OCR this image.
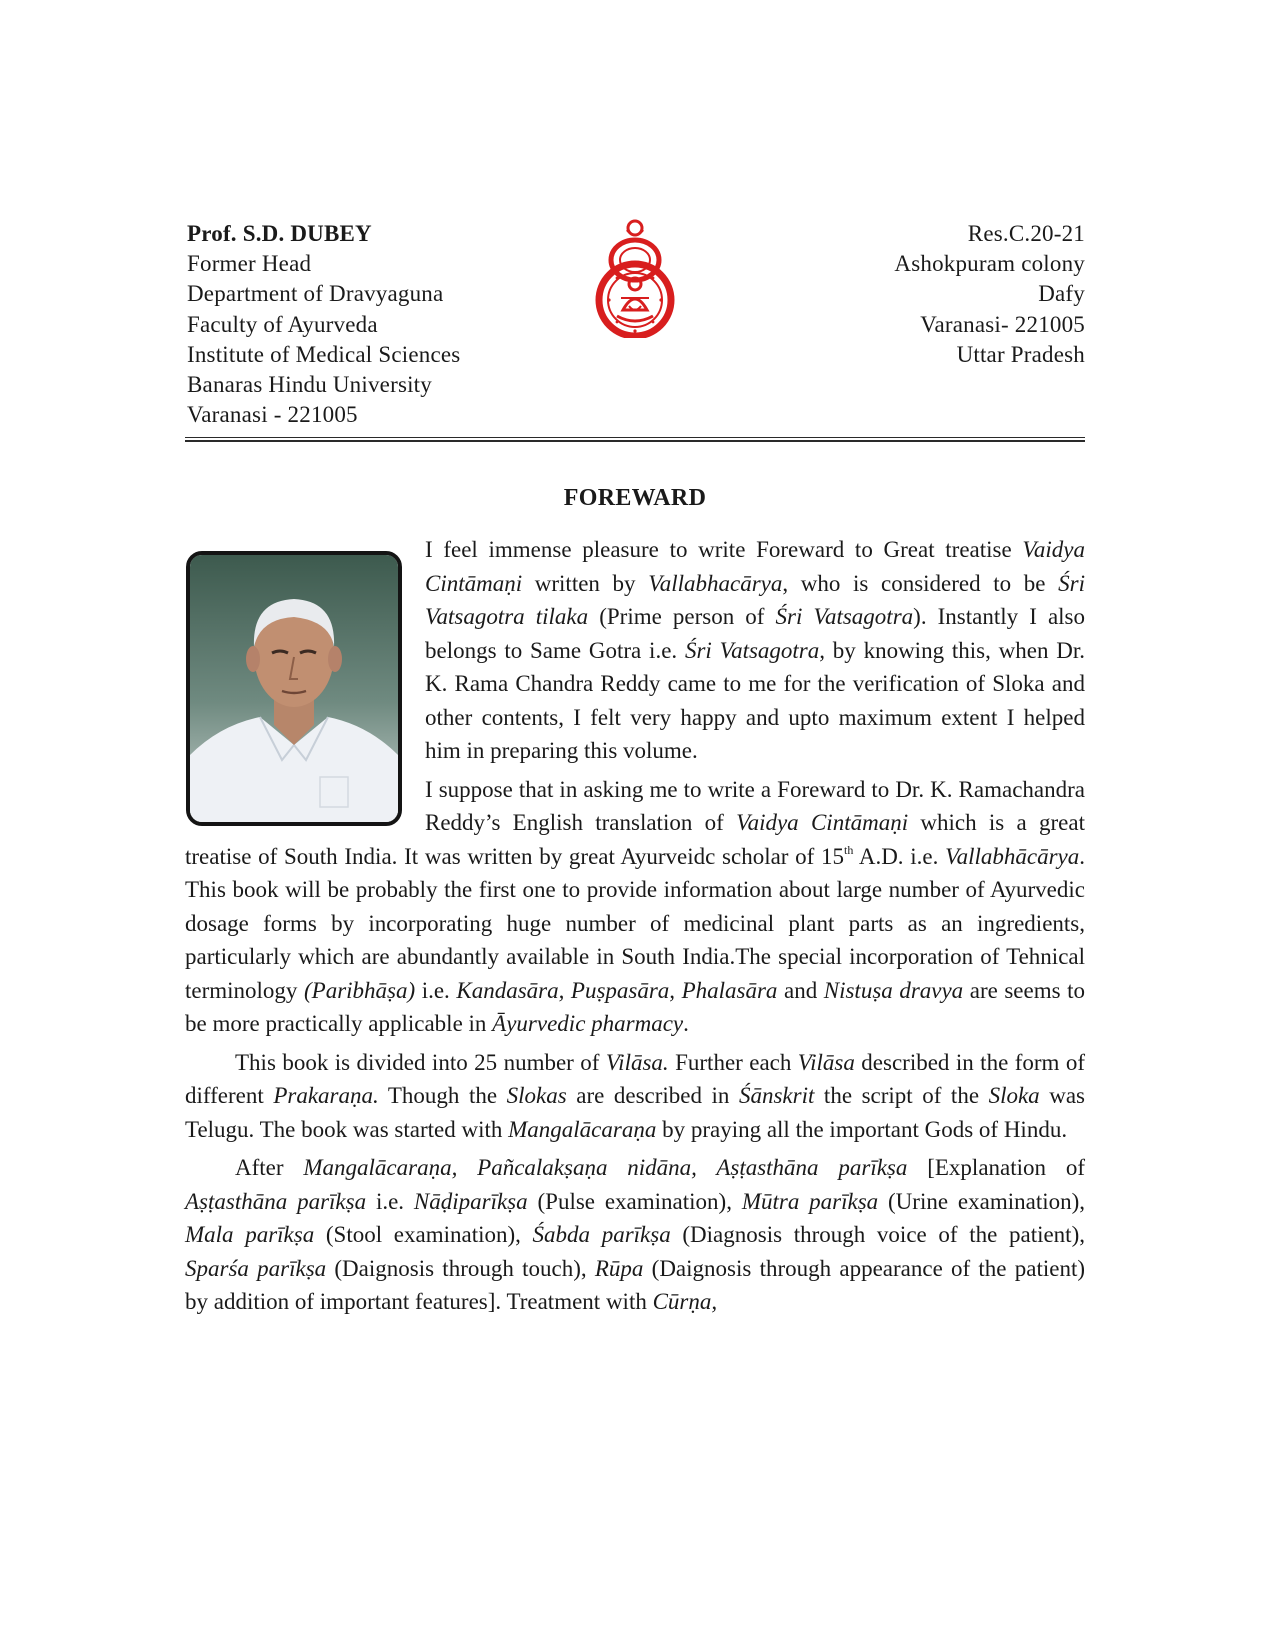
Prof. S.D. DUBEY
Former Head
Department of Dravyaguna
Faculty of Ayurveda
Institute of Medical Sciences
Banaras Hindu University
Varanasi - 221005
Res.C.20-21
Ashokpuram colony
Dafy
Varanasi- 221005
Uttar Pradesh
FOREWARD

I feel immense pleasure to write Foreward to Great treatise Vaidya Cintāmaṇi written by Vallabhacārya, who is considered to be Śri Vatsagotra tilaka (Prime person of Śri Vatsagotra). Instantly I also belongs to Same Gotra i.e. Śri Vatsagotra, by knowing this, when Dr. K. Rama Chandra Reddy came to me for the verification of Sloka and other contents, I felt very happy and upto maximum extent I helped him in preparing this volume.

I suppose that in asking me to write a Foreward to Dr. K. Ramachandra Reddy’s English translation of Vaidya Cintāmaṇi which is a great treatise of South India. It was written by great Ayurveidc scholar of 15th A.D. i.e. Vallabhācārya. This book will be probably the first one to provide information about large number of Ayurvedic dosage forms by incorporating huge number of medicinal plant parts as an ingredients, particularly which are abundantly available in South India.The special incorporation of Tehnical terminology (Paribhāṣa) i.e. Kandasāra, Puṣpasāra, Phalasāra and Nistuṣa dravya are seems to be more practically applicable in Āyurvedic pharmacy.

This book is divided into 25 number of Vilāsa. Further each Vilāsa described in the form of different Prakaraṇa. Though the Slokas are described in Śānskrit the script of the Sloka was Telugu. The book was started with Mangalācaraṇa by praying all the important Gods of Hindu.

After Mangalācaraṇa, Pañcalakṣaṇa nidāna, Aṣṭasthāna parīkṣa [Explanation of Aṣṭasthāna parīkṣa i.e. Nāḍiparīkṣa (Pulse examination), Mūtra parīkṣa (Urine examination), Mala parīkṣa (Stool examination), Śabda parīkṣa (Diagnosis through voice of the patient), Sparśa parīkṣa (Daignosis through touch), Rūpa (Daignosis through appearance of the patient) by addition of important features]. Treatment with Cūrṇa,
